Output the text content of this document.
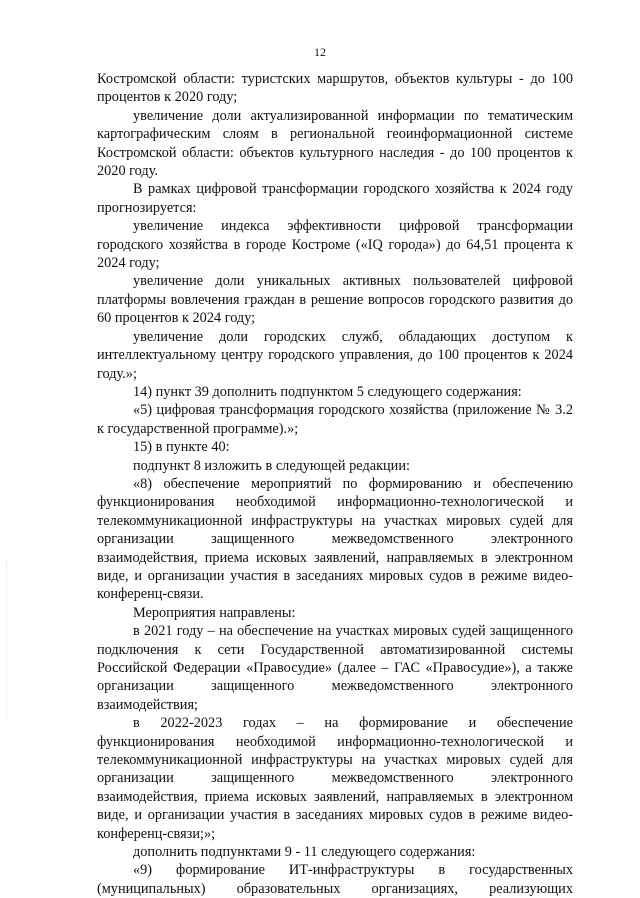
12

Костромской области: туристских маршрутов, объектов культуры - до 100 процентов к 2020 году;

увеличение доли актуализированной информации по тематическим картографическим слоям в региональной геоинформационной системе Костромской области: объектов культурного наследия - до 100 процентов к 2020 году.

В рамках цифровой трансформации городского хозяйства к 2024 году прогнозируется:

увеличение индекса эффективности цифровой трансформации городского хозяйства в городе Костроме («IQ города») до 64,51 процента к 2024 году;

увеличение доли уникальных активных пользователей цифровой платформы вовлечения граждан в решение вопросов городского развития до 60 процентов к 2024 году;

увеличение доли городских служб, обладающих доступом к интеллектуальному центру городского управления, до 100 процентов к 2024 году.»;

14) пункт 39 дополнить подпунктом 5 следующего содержания:

«5) цифровая трансформация городского хозяйства (приложение № 3.2 к государственной программе).»;

15) в пункте 40:

подпункт 8 изложить в следующей редакции:

«8) обеспечение мероприятий по формированию и обеспечению функционирования необходимой информационно-технологической и телекоммуникационной инфраструктуры на участках мировых судей для организации защищенного межведомственного электронного взаимодействия, приема исковых заявлений, направляемых в электронном виде, и организации участия в заседаниях мировых судов в режиме видео-конференц-связи.

Мероприятия направлены:

в 2021 году – на обеспечение на участках мировых судей защищенного подключения к сети Государственной автоматизированной системы Российской Федерации «Правосудие» (далее – ГАС «Правосудие»), а также организации защищенного межведомственного электронного взаимодействия;

в 2022-2023 годах – на формирование и обеспечение функционирования необходимой информационно-технологической и телекоммуникационной инфраструктуры на участках мировых судей для организации защищенного межведомственного электронного взаимодействия, приема исковых заявлений, направляемых в электронном виде, и организации участия в заседаниях мировых судов в режиме видео-конференц-связи;»;

дополнить подпунктами 9 - 11 следующего содержания:

«9) формирование ИТ-инфраструктуры в государственных (муниципальных) образовательных организациях, реализующих
